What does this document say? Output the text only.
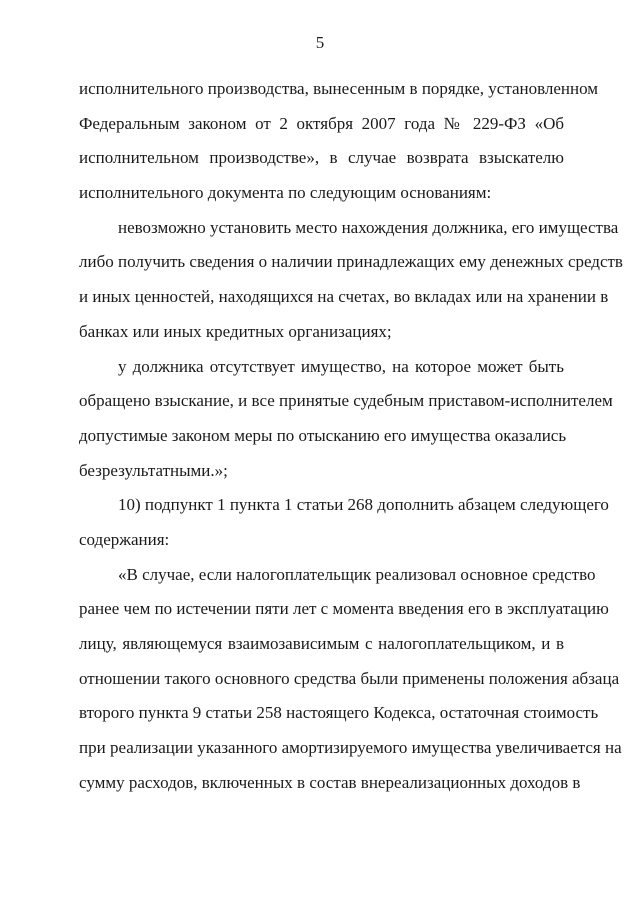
5
исполнительного производства, вынесенным в порядке, установленном
Федеральным законом от 2 октября 2007 года № 229-ФЗ «Об
исполнительном производстве», в случае возврата взыскателю
исполнительного документа по следующим основаниям:
невозможно установить место нахождения должника, его имущества
либо получить сведения о наличии принадлежащих ему денежных средств
и иных ценностей, находящихся на счетах, во вкладах или на хранении в
банках или иных кредитных организациях;
у должника отсутствует имущество, на которое может быть
обращено взыскание, и все принятые судебным приставом-исполнителем
допустимые законом меры по отысканию его имущества оказались
безрезультатными.»;
10) подпункт 1 пункта 1 статьи 268 дополнить абзацем следующего
содержания:
«В случае, если налогоплательщик реализовал основное средство
ранее чем по истечении пяти лет с момента введения его в эксплуатацию
лицу, являющемуся взаимозависимым с налогоплательщиком, и в
отношении такого основного средства были применены положения абзаца
второго пункта 9 статьи 258 настоящего Кодекса, остаточная стоимость
при реализации указанного амортизируемого имущества увеличивается на
сумму расходов, включенных в состав внереализационных доходов в
